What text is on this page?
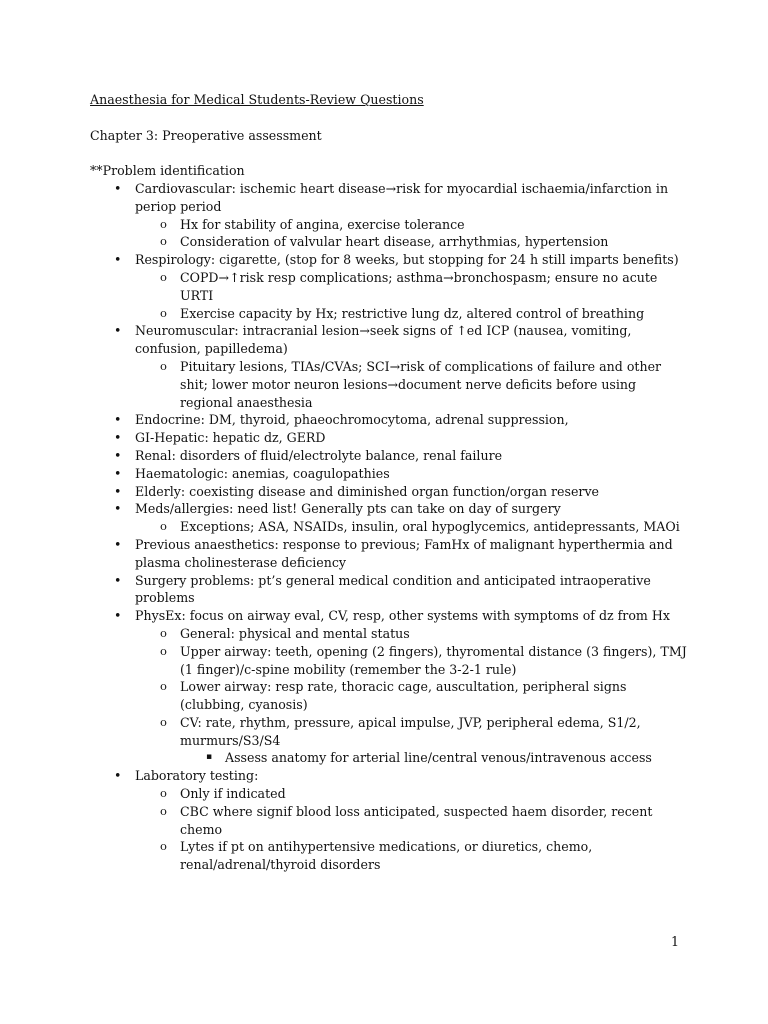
Anaesthesia for Medical Students-Review Questions

Chapter 3: Preoperative assessment

**Problem identification

• Cardiovascular: ischemic heart disease→risk for myocardial ischaemia/infarction in periop period
o Hx for stability of angina, exercise tolerance
o Consideration of valvular heart disease, arrhythmias, hypertension
• Respirology: cigarette, (stop for 8 weeks, but stopping for 24 h still imparts benefits)
o COPD→↑risk resp complications; asthma→bronchospasm; ensure no acute URTI
o Exercise capacity by Hx; restrictive lung dz, altered control of breathing
• Neuromuscular: intracranial lesion→seek signs of ↑ed ICP (nausea, vomiting, confusion, papilledema)
o Pituitary lesions, TIAs/CVAs; SCI→risk of complications of failure and other shit; lower motor neuron lesions→document nerve deficits before using regional anaesthesia
• Endocrine: DM, thyroid, phaeochromocytoma, adrenal suppression,
• GI-Hepatic: hepatic dz, GERD
• Renal: disorders of fluid/electrolyte balance, renal failure
• Haematologic: anemias, coagulopathies
• Elderly: coexisting disease and diminished organ function/organ reserve
• Meds/allergies: need list! Generally pts can take on day of surgery
o Exceptions; ASA, NSAIDs, insulin, oral hypoglycemics, antidepressants, MAOi
• Previous anaesthetics: response to previous; FamHx of malignant hyperthermia and plasma cholinesterase deficiency
• Surgery problems: pt’s general medical condition and anticipated intraoperative problems
• PhysEx: focus on airway eval, CV, resp, other systems with symptoms of dz from Hx
o General: physical and mental status
o Upper airway: teeth, opening (2 fingers), thyromental distance (3 fingers), TMJ (1 finger)/c-spine mobility (remember the 3-2-1 rule)
o Lower airway: resp rate, thoracic cage, auscultation, peripheral signs (clubbing, cyanosis)
o CV: rate, rhythm, pressure, apical impulse, JVP, peripheral edema, S1/2, murmurs/S3/S4
▪ Assess anatomy for arterial line/central venous/intravenous access
• Laboratory testing:
o Only if indicated
o CBC where signif blood loss anticipated, suspected haem disorder, recent chemo
o Lytes if pt on antihypertensive medications, or diuretics, chemo, renal/adrenal/thyroid disorders
1
